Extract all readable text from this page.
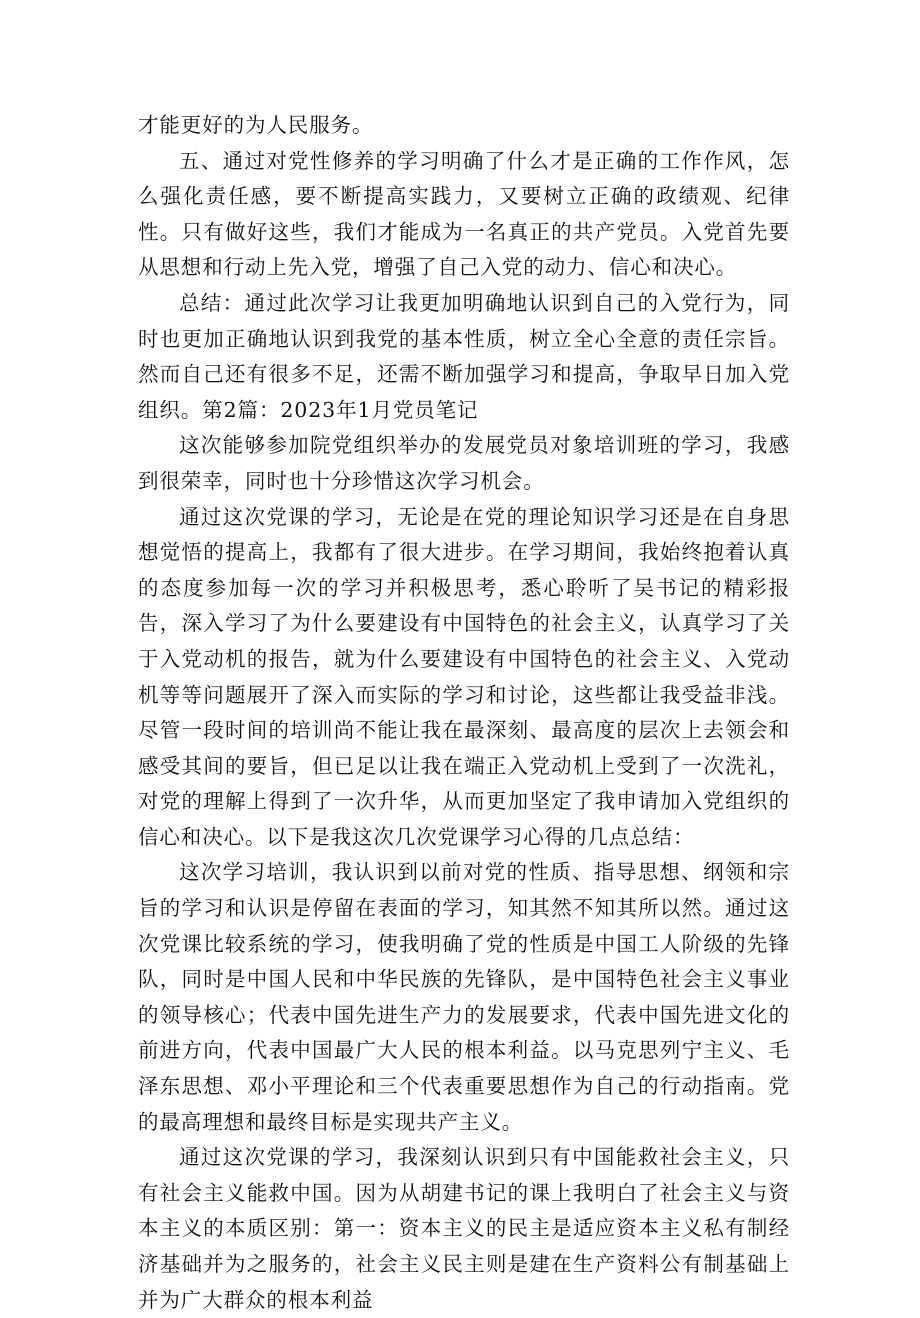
才能更好的为人民服务。

五、通过对党性修养的学习明确了什么才是正确的工作作风，怎么强化责任感，要不断提高实践力，又要树立正确的政绩观、纪律性。只有做好这些，我们才能成为一名真正的共产党员。入党首先要从思想和行动上先入党，增强了自己入党的动力、信心和决心。

总结：通过此次学习让我更加明确地认识到自己的入党行为，同时也更加正确地认识到我党的基本性质，树立全心全意的责任宗旨。然而自己还有很多不足，还需不断加强学习和提高，争取早日加入党组织。第2篇：2023年1月党员笔记

这次能够参加院党组织举办的发展党员对象培训班的学习，我感到很荣幸，同时也十分珍惜这次学习机会。

通过这次党课的学习，无论是在党的理论知识学习还是在自身思想觉悟的提高上，我都有了很大进步。在学习期间，我始终抱着认真的态度参加每一次的学习并积极思考，悉心聆听了吴书记的精彩报告，深入学习了为什么要建设有中国特色的社会主义，认真学习了关于入党动机的报告，就为什么要建设有中国特色的社会主义、入党动机等等问题展开了深入而实际的学习和讨论，这些都让我受益非浅。尽管一段时间的培训尚不能让我在最深刻、最高度的层次上去领会和感受其间的要旨，但已足以让我在端正入党动机上受到了一次洗礼，对党的理解上得到了一次升华，从而更加坚定了我申请加入党组织的信心和决心。以下是我这次几次党课学习心得的几点总结：

这次学习培训，我认识到以前对党的性质、指导思想、纲领和宗旨的学习和认识是停留在表面的学习，知其然不知其所以然。通过这次党课比较系统的学习，使我明确了党的性质是中国工人阶级的先锋队，同时是中国人民和中华民族的先锋队，是中国特色社会主义事业的领导核心；代表中国先进生产力的发展要求，代表中国先进文化的前进方向，代表中国最广大人民的根本利益。以马克思列宁主义、毛泽东思想、邓小平理论和三个代表重要思想作为自己的行动指南。党的最高理想和最终目标是实现共产主义。

通过这次党课的学习，我深刻认识到只有中国能救社会主义，只有社会主义能救中国。因为从胡建书记的课上我明白了社会主义与资本主义的本质区别：第一：资本主义的民主是适应资本主义私有制经济基础并为之服务的，社会主义民主则是建在生产资料公有制基础上并为广大群众的根本利益
